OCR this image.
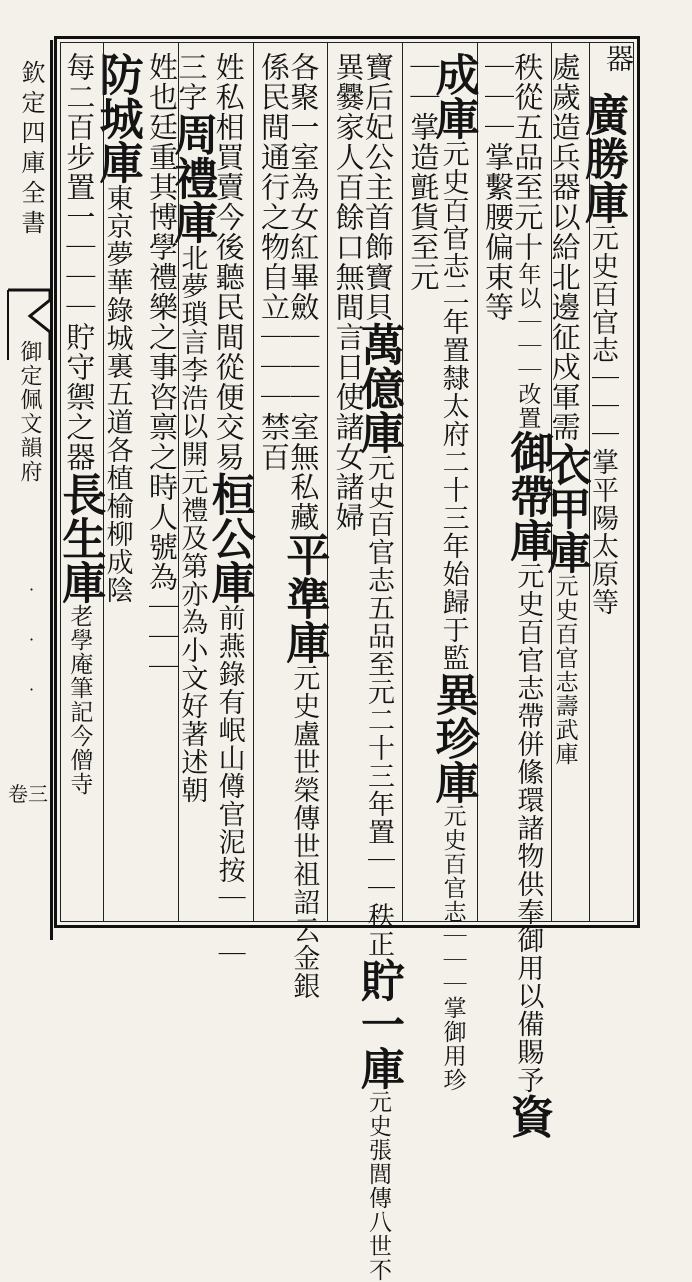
欽定四庫全書
御定佩文韻府
· · ·
卷三
器
廣勝庫元史百官志｜｜｜掌平陽太原等
處歲造兵器以給北邊征戍軍需衣甲庫元史百官志壽武庫
秩從五品至元十年以｜｜｜改置御帶庫元史百官志帶併絛環諸物供奉御用以備賜予資
｜｜｜掌繫腰偏束等
成庫元史百官志二年置隸太府二十三年始歸于監異珍庫元史百官志｜｜｜掌御用珍
｜｜掌造氈貨至元
寶后妃公主首飾寶貝萬億庫元史百官志五品至元二十三年置｜｜秩正貯一庫元史張閭傳八世不
異爨家人百餘口無間言日使諸女諸婦
各聚一室為女紅畢斂｜｜｜室無私藏平準庫元史盧世榮傳世祖詔云金銀
係民間通行之物自立｜｜｜禁百
姓私相買賣今後聽民間從便交易桓公庫前燕錄有岷山僔官泥按｜｜｜
三字周禮庫北夢瑣言李浩以開元禮及第亦為小文好著述朝
姓也廷重其博學禮樂之事咨禀之時人號為｜｜｜
防城庫東京夢華錄城裏五道各植榆柳成陰
每二百步置一｜｜｜貯守禦之器長生庫老學庵筆記今僧寺
